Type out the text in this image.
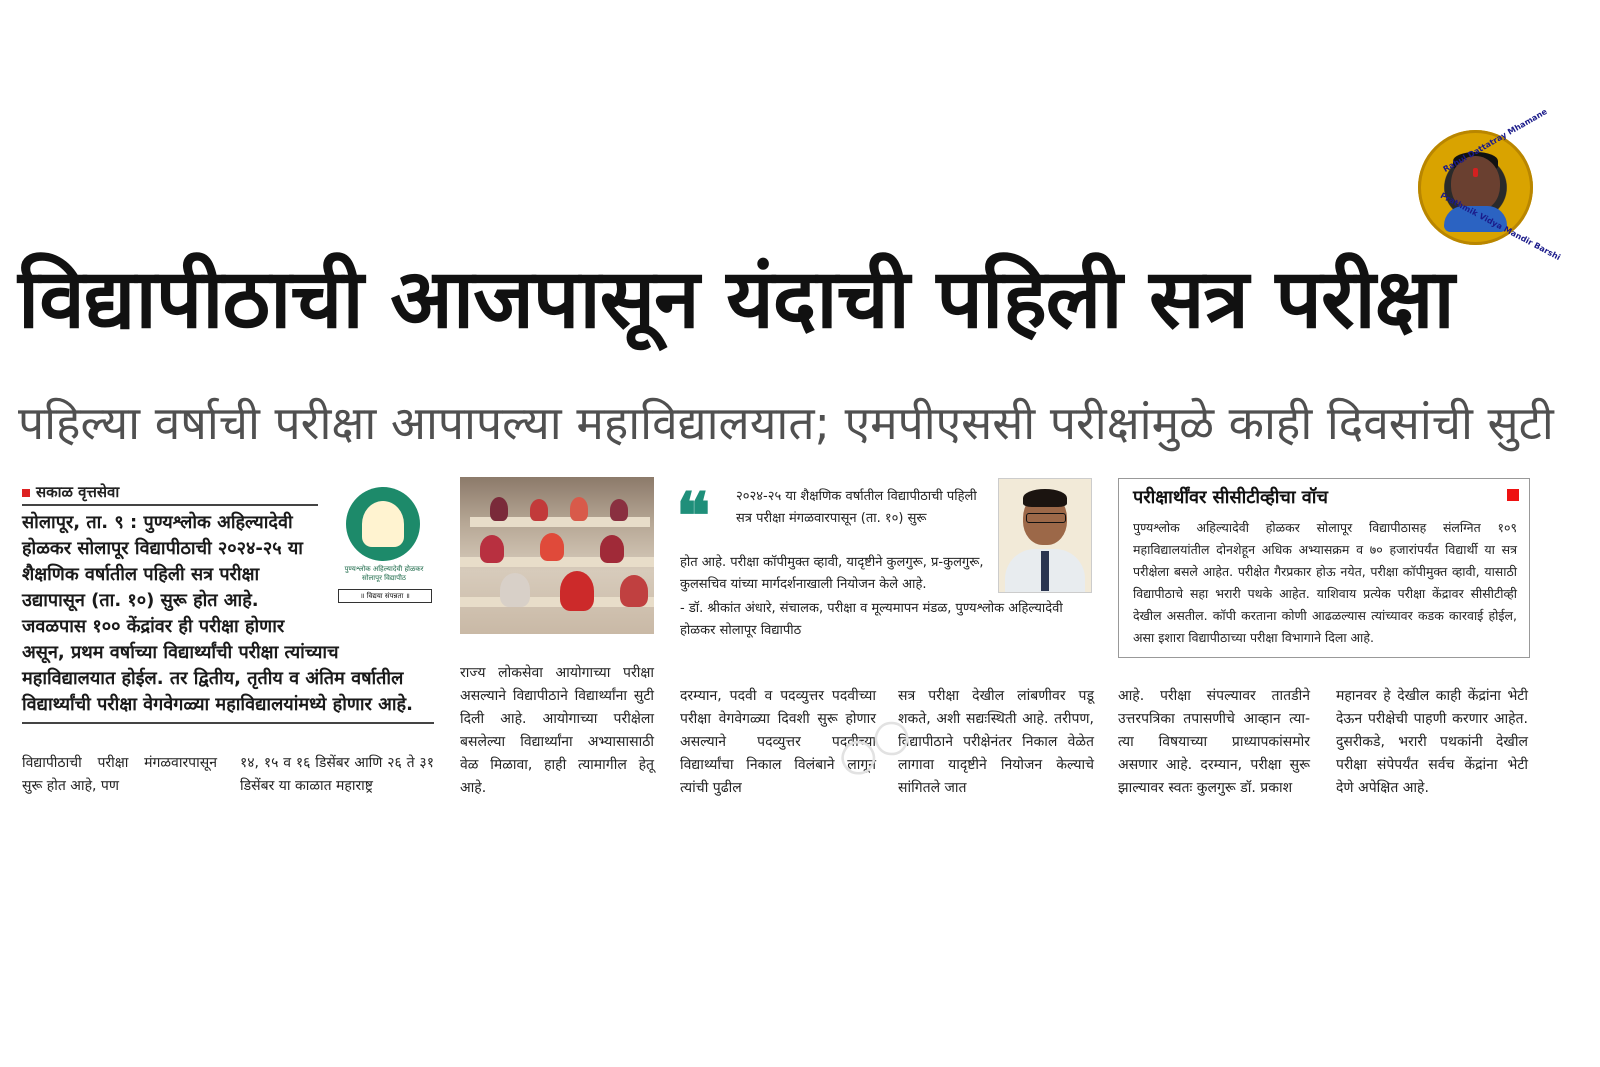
Rahul Dattatray Mhamane
Prathmik Vidya Mandir Barshi
विद्यापीठाची आजपासून यंदाची पहिली सत्र परीक्षा
पहिल्या वर्षाची परीक्षा आपापल्या महाविद्यालयात; एमपीएससी परीक्षांमुळे काही दिवसांची सुटी
सकाळ वृत्तसेवा
सोलापूर, ता. ९ : पुण्यश्लोक अहिल्यादेवी होळकर सोलापूर विद्यापीठाची २०२४-२५ या शैक्षणिक वर्षातील पहिली सत्र परीक्षा उद्यापासून (ता. १०) सुरू होत आहे. जवळपास १०० केंद्रांवर ही परीक्षा होणार असून, प्रथम वर्षाच्या विद्यार्थ्यांची परीक्षा त्यांच्याच महाविद्यालयात होईल. तर द्वितीय, तृतीय व अंतिम वर्षातील विद्यार्थ्यांची परीक्षा वेगवेगळ्या महाविद्यालयांमध्ये होणार आहे.
पुण्यश्लोक अहिल्यादेवी होळकर सोलापूर विद्यापीठ
॥ विद्यया संपन्नता ॥
विद्यापीठाची परीक्षा मंगळवारपासून सुरू होत आहे, पण
१४, १५ व १६ डिसेंबर आणि २६ ते ३१ डिसेंबर या काळात महाराष्ट्र
राज्य लोकसेवा आयोगाच्या परीक्षा असल्याने विद्यापीठाने विद्यार्थ्यांना सुटी दिली आहे. आयोगाच्या परीक्षेला बसलेल्या विद्यार्थ्यांना अभ्यासासाठी वेळ मिळावा, हाही त्यामागील हेतू आहे.
❝ २०२४-२५ या शैक्षणिक वर्षातील विद्यापीठाची पहिली सत्र परीक्षा मंगळवारपासून (ता. १०) सुरू
होत आहे. परीक्षा कॉपीमुक्त व्हावी, यादृष्टीने कुलगुरू, प्र-कुलगुरू, कुलसचिव यांच्या मार्गदर्शनाखाली नियोजन केले आहे.
- डॉ. श्रीकांत अंधारे, संचालक, परीक्षा व मूल्यमापन मंडळ, पुण्यश्लोक अहिल्यादेवी होळकर सोलापूर विद्यापीठ
दरम्यान, पदवी व पदव्युत्तर पदवीच्या परीक्षा वेगवेगळ्या दिवशी सुरू होणार असल्याने पदव्युत्तर पदवीच्या विद्यार्थ्यांचा निकाल विलंबाने लागून त्यांची पुढील
सत्र परीक्षा देखील लांबणीवर पडू शकते, अशी सद्यःस्थिती आहे. तरीपण, विद्यापीठाने परीक्षेनंतर निकाल वेळेत लागावा यादृष्टीने नियोजन केल्याचे सांगितले जात
○○
परीक्षार्थींवर सीसीटीव्हीचा वॉच
पुण्यश्लोक अहिल्यादेवी होळकर सोलापूर विद्यापीठासह संलग्नित १०९ महाविद्यालयांतील दोनशेहून अधिक अभ्यासक्रम व ७० हजारांपर्यंत विद्यार्थी या सत्र परीक्षेला बसले आहेत. परीक्षेत गैरप्रकार होऊ नयेत, परीक्षा कॉपीमुक्त व्हावी, यासाठी विद्यापीठाचे सहा भरारी पथके आहेत. याशिवाय प्रत्येक परीक्षा केंद्रावर सीसीटीव्ही देखील असतील. कॉपी करताना कोणी आढळल्यास त्यांच्यावर कडक कारवाई होईल, असा इशारा विद्यापीठाच्या परीक्षा विभागाने दिला आहे.
आहे. परीक्षा संपल्यावर तातडीने उत्तरपत्रिका तपासणीचे आव्हान त्या-त्या विषयाच्या प्राध्यापकांसमोर असणार आहे. दरम्यान, परीक्षा सुरू झाल्यावर स्वतः कुलगुरू डॉ. प्रकाश
महानवर हे देखील काही केंद्रांना भेटी देऊन परीक्षेची पाहणी करणार आहेत. दुसरीकडे, भरारी पथकांनी देखील परीक्षा संपेपर्यंत सर्वच केंद्रांना भेटी देणे अपेक्षित आहे.
